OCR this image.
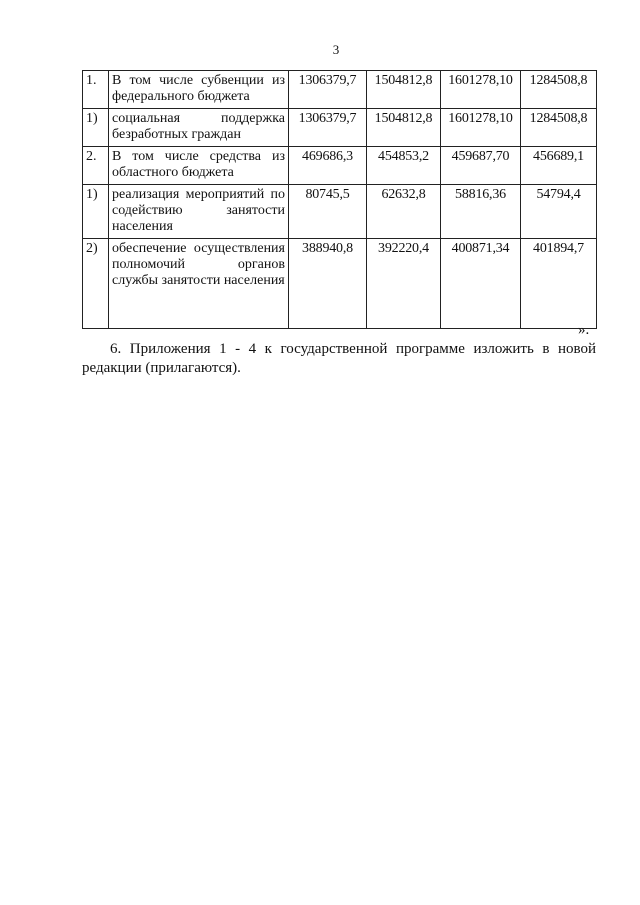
3
1.	В том числе субвенции из федерального бюджета	1306379,7	1504812,8	1601278,10	1284508,8
1)	социальная поддержка безработных граждан	1306379,7	1504812,8	1601278,10	1284508,8
2.	В том числе средства из областного бюджета	469686,3	454853,2	459687,70	456689,1
1)	реализация мероприятий по содействию занятости населения	80745,5	62632,8	58816,36	54794,4
2)	обеспечение осуществления полномочий органов службы занятости населения	388940,8	392220,4	400871,34	401894,7
».
6. Приложения 1 - 4 к государственной программе изложить в новой
редакции (прилагаются).
